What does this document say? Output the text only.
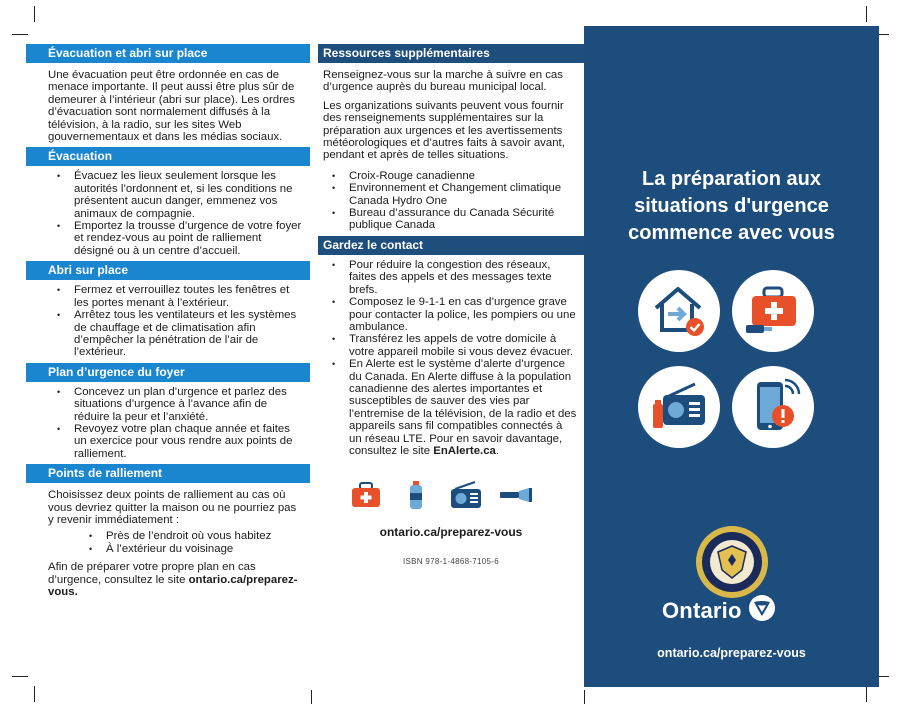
Évacuation et abri sur place

Une évacuation peut être ordonnée en cas de menace importante. Il peut aussi être plus sûr de demeurer à l’intérieur (abri sur place). Les ordres d’évacuation sont normalement diffusés à la télévision, à la radio, sur les sites Web gouvernementaux et dans les médias sociaux.

Évacuation
• Évacuez les lieux seulement lorsque les autorités l’ordonnent et, si les conditions ne présentent aucun danger, emmenez vos animaux de compagnie.
• Emportez la trousse d’urgence de votre foyer et rendez-vous au point de ralliement désigné ou à un centre d’accueil.
Abri sur place
• Fermez et verrouillez toutes les fenêtres et les portes menant à l’extérieur.
• Arrêtez tous les ventilateurs et les systèmes de chauffage et de climatisation afin d’empêcher la pénétration de l’air de l’extérieur.
Plan d’urgence du foyer
• Concevez un plan d’urgence et parlez des situations d’urgence à l’avance afin de réduire la peur et l’anxiété.
• Revoyez votre plan chaque année et faites un exercice pour vous rendre aux points de ralliement.
Points de ralliement

Choisissez deux points de ralliement au cas où vous devriez quitter la maison ou ne pourriez pas y revenir immédiatement :

• Près de l’endroit où vous habitez
• À l’extérieur du voisinage

Afin de préparer votre propre plan en cas d’urgence, consultez le site ontario.ca/preparez-vous.

Ressources supplémentaires

Renseignez-vous sur la marche à suivre en cas d’urgence auprès du bureau municipal local.

Les organizations suivants peuvent vous fournir des renseignements supplémentaires sur la préparation aux urgences et les avertissements météorologiques et d’autres faits à savoir avant, pendant et après de telles situations.

• Croix-Rouge canadienne
• Environnement et Changement climatique Canada Hydro One
• Bureau d’assurance du Canada Sécurité publique Canada
Gardez le contact
• Pour réduire la congestion des réseaux, faites des appels et des messages texte brefs.
• Composez le 9-1-1 en cas d’urgence grave pour contacter la police, les pompiers ou une ambulance.
• Transférez les appels de votre domicile à votre appareil mobile si vous devez évacuer.
• En Alerte est le système d’alerte d’urgence du Canada. En Alerte diffuse à la population canadienne des alertes importantes et susceptibles de sauver des vies par l’entremise de la télévision, de la radio et des appareils sans fil compatibles connectés à un réseau LTE. Pour en savoir davantage, consultez le site EnAlerte.ca.
ontario.ca/preparez-vous
ISBN 978-1-4868-7105-6
La préparation aux
situations d'urgence
commence avec vous
Ontario
ontario.ca/preparez-vous
